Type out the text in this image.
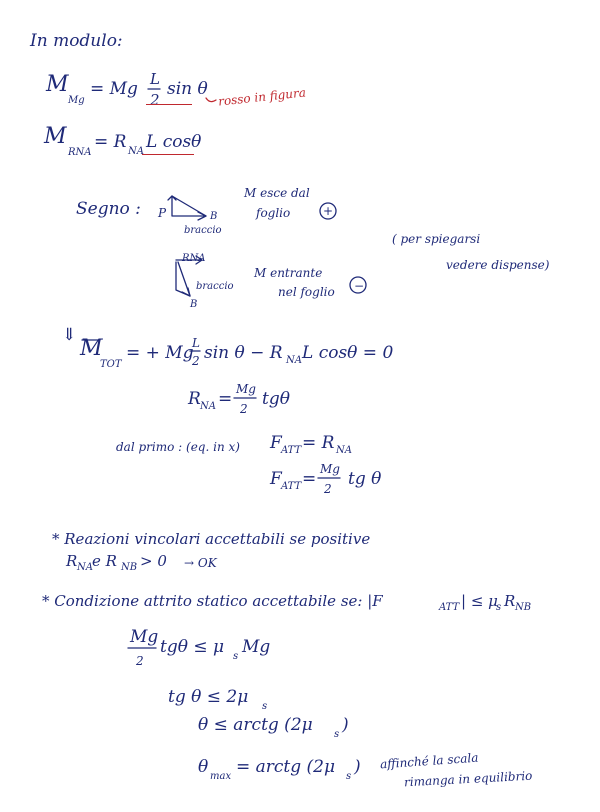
In modulo:
M
Mg
= Mg L
2
sin θ rosso in figura
M
RNA
= R NA L cosθ
Segno : P	B
braccio
M esce dal
foglio	+
( per spiegarsi
vedere dispense)
RNA
braccio
B
M entrante
nel foglio −
⇓
M
TOT
= + Mg
L
2 sin θ − R NA L cosθ = 0
R NA = Mg
2 tgθ
dal primo : (eq. in x) F ATT = R NA
F ATT = Mg
2 tg θ
* Reazioni vincolari accettabili se positive
R NA e R NB > 0 → OK
* Condizione attrito statico accettabile se: |F	ATT | ≤ μ
s R NB
Mg
2
tgθ ≤ μ s Mg
tg θ ≤ 2μ s
θ ≤ arctg (2μ s )
θ max = arctg (2μ s ) affinché la scala
rimanga in equilibrio
